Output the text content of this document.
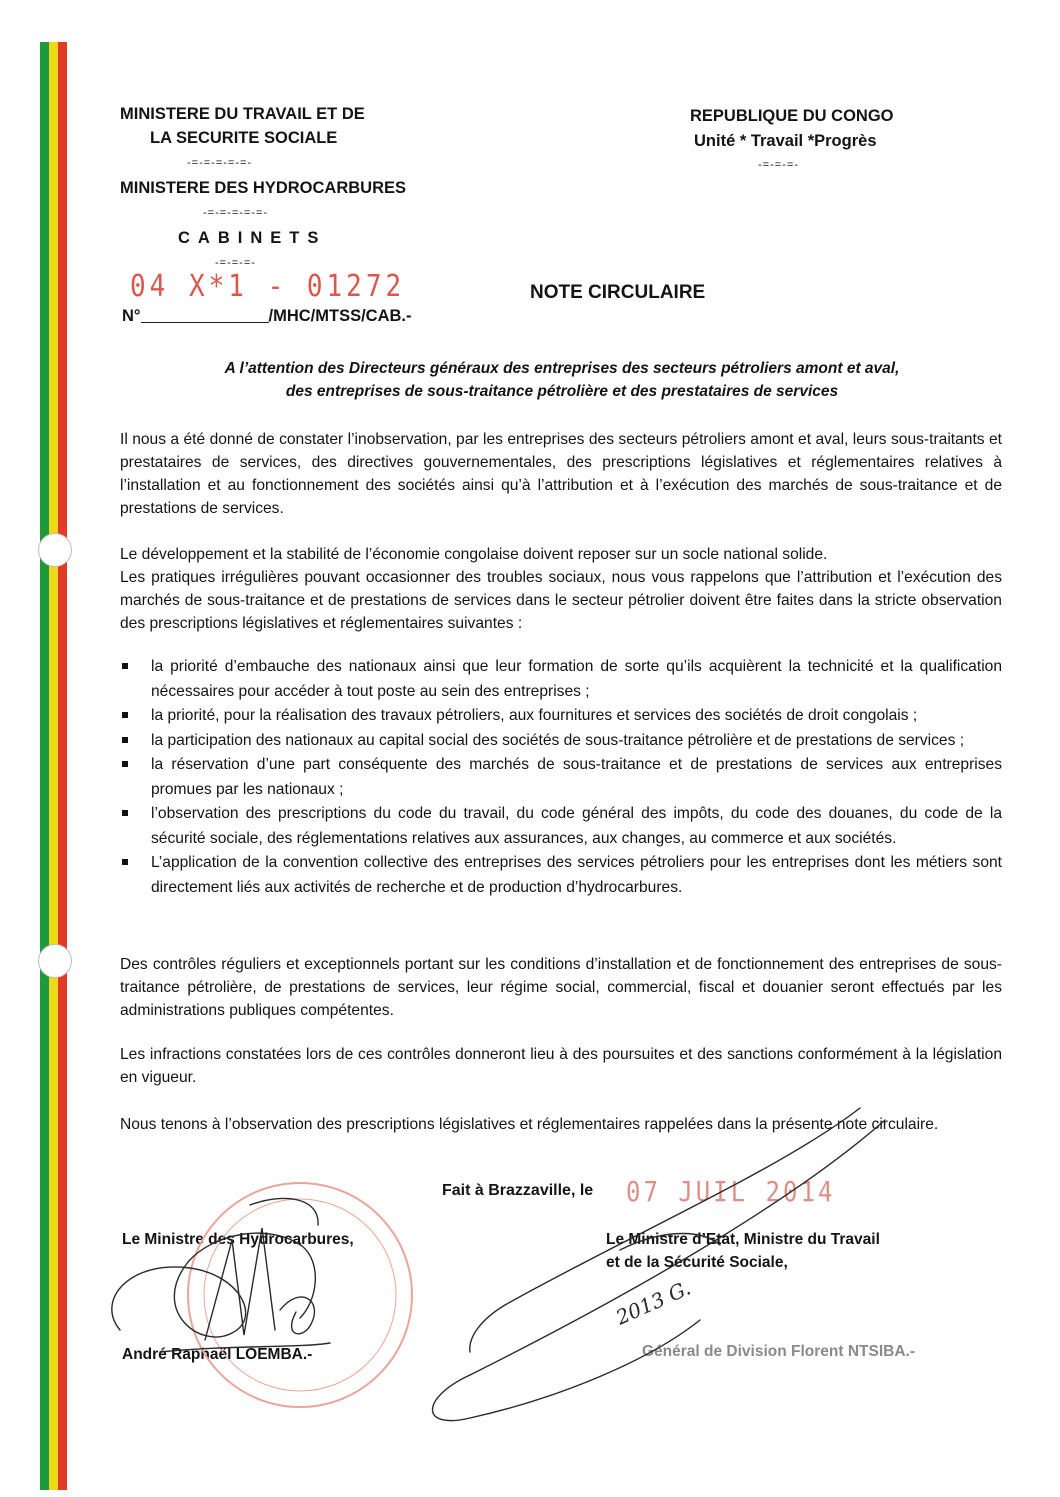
MINISTERE DU TRAVAIL ET DE
LA SECURITE SOCIALE
-=-=-=-=-=-
MINISTERE DES HYDROCARBURES
-=-=-=-=-=-
CABINETS
-=-=-=-
REPUBLIQUE DU CONGO
Unité * Travail *Progrès
-=-=-=-
04 X*1 - 01272
N°	/MHC/MTSS/CAB.-
NOTE CIRCULAIRE
A l’attention des Directeurs généraux des entreprises des secteurs pétroliers amont et aval,
des entreprises de sous-traitance pétrolière et des prestataires de services

Il nous a été donné de constater l’inobservation, par les entreprises des secteurs pétroliers amont et aval, leurs sous-traitants et prestataires de services, des directives gouvernementales, des prescriptions législatives et réglementaires relatives à l’installation et au fonctionnement des sociétés ainsi qu’à l’attribution et à l’exécution des marchés de sous-traitance et de prestations de services.

Le développement et la stabilité de l’économie congolaise doivent reposer sur un socle national solide.

Les pratiques irrégulières pouvant occasionner des troubles sociaux, nous vous rappelons que l’attribution et l’exécution des marchés de sous-traitance et de prestations de services dans le secteur pétrolier doivent être faites dans la stricte observation des prescriptions législatives et réglementaires suivantes :

la priorité d’embauche des nationaux ainsi que leur formation de sorte qu’ils acquièrent la technicité et la qualification nécessaires pour accéder à tout poste au sein des entreprises ;
la priorité, pour la réalisation des travaux pétroliers, aux fournitures et services des sociétés de droit congolais ;
la participation des nationaux au capital social des sociétés de sous-traitance pétrolière et de prestations de services ;
la réservation d’une part conséquente des marchés de sous-traitance et de prestations de services aux entreprises promues par les nationaux ;
l’observation des prescriptions du code du travail, du code général des impôts, du code des douanes, du code de la sécurité sociale, des réglementations relatives aux assurances, aux changes, au commerce et aux sociétés.
L’application de la convention collective des entreprises des services pétroliers pour les entreprises dont les métiers sont directement liés aux activités de recherche et de production d’hydrocarbures.

Des contrôles réguliers et exceptionnels portant sur les conditions d’installation et de fonctionnement des entreprises de sous-traitance pétrolière, de prestations de services, leur régime social, commercial, fiscal et douanier seront effectués par les administrations publiques compétentes.

Les infractions constatées lors de ces contrôles donneront lieu à des poursuites et des sanctions conformément à la législation en vigueur.

Nous tenons à l’observation des prescriptions législatives et réglementaires rappelées dans la présente note circulaire.

Fait à Brazzaville, le 07 JUIL 2014
Le Ministre des Hydrocarbures,
André Raphaël LOEMBA.-
Le Ministre d’Etat, Ministre du Travail
et de la Sécurité Sociale,
Général de Division Florent NTSIBA.-
2013 G.
